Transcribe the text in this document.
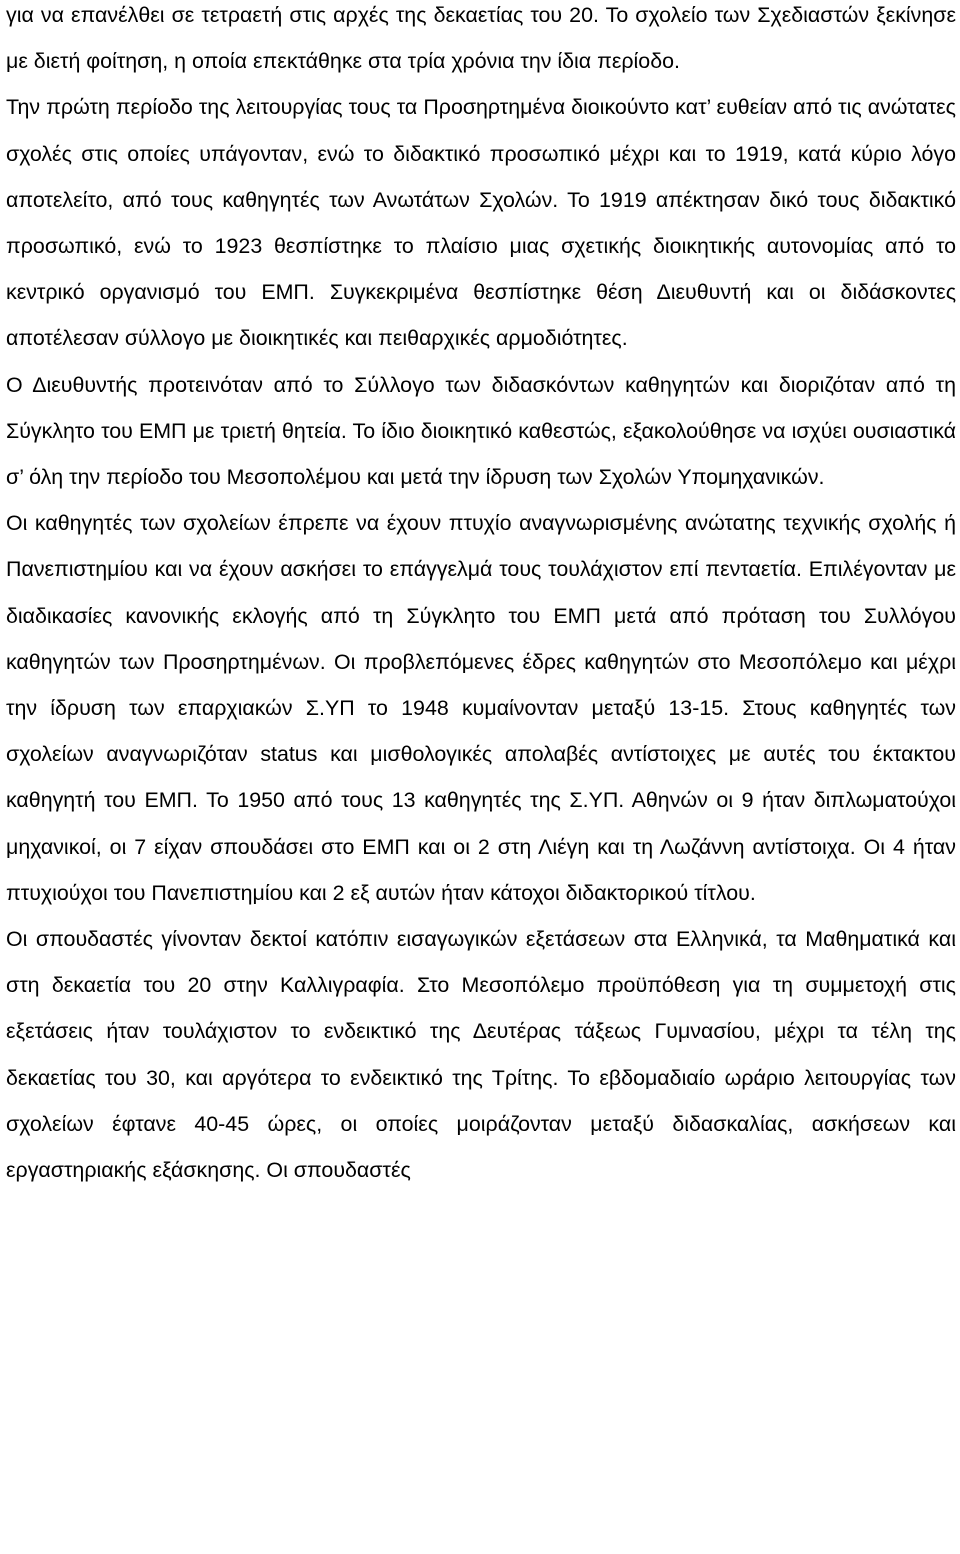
για να επανέλθει σε τετραετή στις αρχές της δεκαετίας του 20. Το σχολείο των Σχεδιαστών ξεκίνησε με διετή φοίτηση, η οποία επεκτάθηκε στα τρία χρόνια την ίδια περίοδο.

Την πρώτη περίοδο της λειτουργίας τους τα Προσηρτημένα διοικούντο κατ’ ευθείαν από τις ανώτατες σχολές στις οποίες υπάγονταν, ενώ το διδακτικό προσωπικό μέχρι και το 1919, κατά κύριο λόγο αποτελείτο, από τους καθηγητές των Ανωτάτων Σχολών. Το 1919 απέκτησαν δικό τους διδακτικό προσωπικό, ενώ το 1923 θεσπίστηκε το πλαίσιο μιας σχετικής διοικητικής αυτονομίας από το κεντρικό οργανισμό του ΕΜΠ. Συγκεκριμένα θεσπίστηκε θέση Διευθυντή και οι διδάσκοντες αποτέλεσαν σύλλογο με διοικητικές και πειθαρχικές αρμοδιότητες.

Ο Διευθυντής προτεινόταν από το Σύλλογο των διδασκόντων καθηγητών και διοριζόταν από τη Σύγκλητο του ΕΜΠ με τριετή θητεία. Το ίδιο διοικητικό καθεστώς, εξακολούθησε να ισχύει ουσιαστικά σ’ όλη την περίοδο του Μεσοπολέμου και μετά την ίδρυση των Σχολών Υπομηχανικών.

Οι καθηγητές των σχολείων έπρεπε να έχουν πτυχίο αναγνωρισμένης ανώτατης τεχνικής σχολής ή Πανεπιστημίου και να έχουν ασκήσει το επάγγελμά τους τουλάχιστον επί πενταετία. Επιλέγονταν με διαδικασίες κανονικής εκλογής από τη Σύγκλητο του ΕΜΠ μετά από πρόταση του Συλλόγου καθηγητών των Προσηρτημένων. Οι προβλεπόμενες έδρες καθηγητών στο Μεσοπόλεμο και μέχρι την ίδρυση των επαρχιακών Σ.ΥΠ το 1948 κυμαίνονταν μεταξύ 13-15. Στους καθηγητές των σχολείων αναγνωριζόταν status και μισθολογικές απολαβές αντίστοιχες με αυτές του έκτακτου καθηγητή του ΕΜΠ. Το 1950 από τους 13 καθηγητές της Σ.ΥΠ. Αθηνών οι 9 ήταν διπλωματούχοι μηχανικοί, οι 7 είχαν σπουδάσει στο ΕΜΠ και οι 2 στη Λιέγη και τη Λωζάννη αντίστοιχα. Οι 4 ήταν πτυχιούχοι του Πανεπιστημίου και 2 εξ αυτών ήταν κάτοχοι διδακτορικού τίτλου.

Οι σπουδαστές γίνονταν δεκτοί κατόπιν εισαγωγικών εξετάσεων στα Ελληνικά, τα Μαθηματικά και στη δεκαετία του 20 στην Καλλιγραφία. Στο Μεσοπόλεμο προϋπόθεση για τη συμμετοχή στις εξετάσεις ήταν τουλάχιστον το ενδεικτικό της Δευτέρας τάξεως Γυμνασίου, μέχρι τα τέλη της δεκαετίας του 30, και αργότερα το ενδεικτικό της Τρίτης. Το εβδομαδιαίο ωράριο λειτουργίας των σχολείων έφτανε 40-45 ώρες, οι οποίες μοιράζονταν μεταξύ διδασκαλίας, ασκήσεων και εργαστηριακής εξάσκησης. Οι σπουδαστές
